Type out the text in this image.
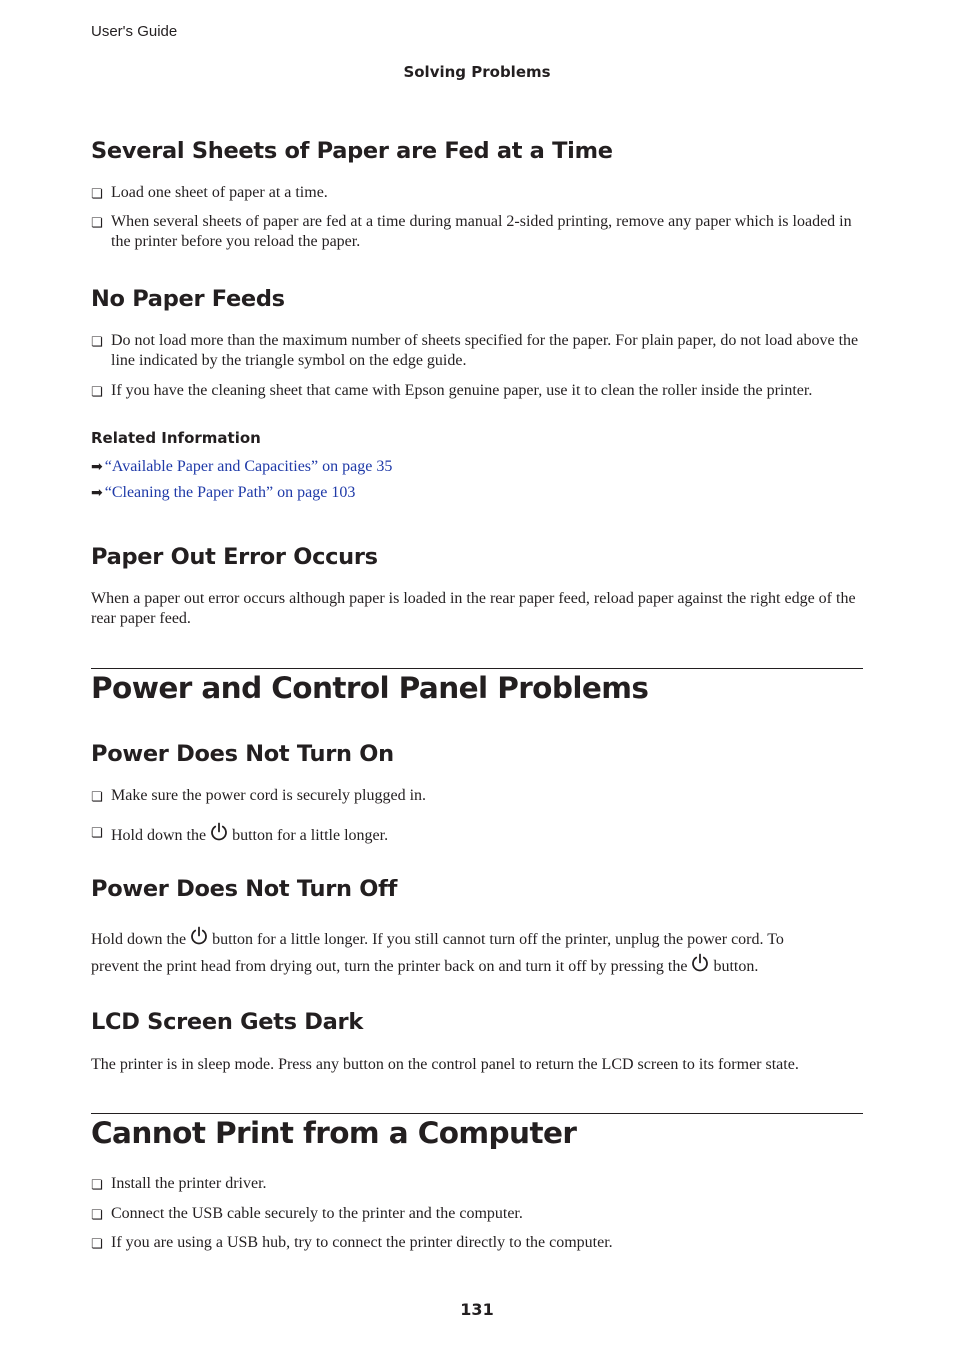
User's Guide
Solving Problems
Several Sheets of Paper are Fed at a Time
❏ Load one sheet of paper at a time.
❏ When several sheets of paper are fed at a time during manual 2-sided printing, remove any paper which is loaded in the printer before you reload the paper.
No Paper Feeds
❏ Do not load more than the maximum number of sheets specified for the paper. For plain paper, do not load above the line indicated by the triangle symbol on the edge guide.
❏ If you have the cleaning sheet that came with Epson genuine paper, use it to clean the roller inside the printer.
Related Information
➡ “Available Paper and Capacities” on page 35
➡ “Cleaning the Paper Path” on page 103
Paper Out Error Occurs
When a paper out error occurs although paper is loaded in the rear paper feed, reload paper against the right edge of the rear paper feed.
Power and Control Panel Problems
Power Does Not Turn On
❏ Make sure the power cord is securely plugged in.
❏ Hold down the button for a little longer.
Power Does Not Turn Off
Hold down the button for a little longer. If you still cannot turn off the printer, unplug the power cord. To
prevent the print head from drying out, turn the printer back on and turn it off by pressing the button.
LCD Screen Gets Dark
The printer is in sleep mode. Press any button on the control panel to return the LCD screen to its former state.
Cannot Print from a Computer
❏ Install the printer driver.
❏ Connect the USB cable securely to the printer and the computer.
❏ If you are using a USB hub, try to connect the printer directly to the computer.
131
